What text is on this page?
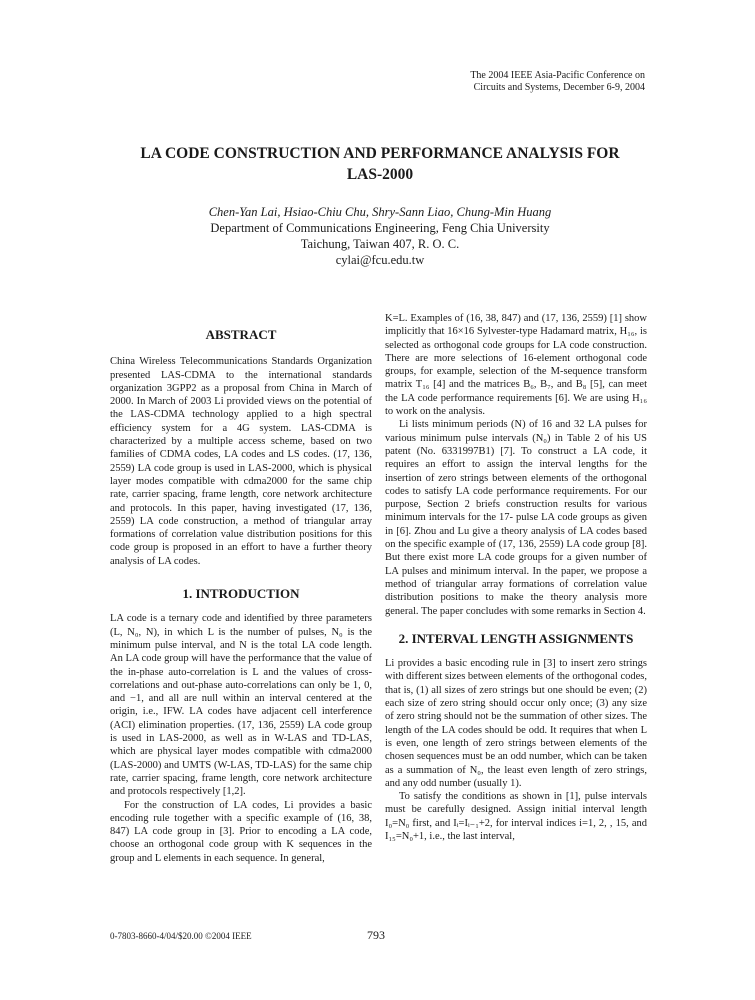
The 2004 IEEE Asia-Pacific Conference on
Circuits and Systems, December 6-9, 2004
LA CODE CONSTRUCTION AND PERFORMANCE ANALYSIS FOR
LAS-2000
Chen-Yan Lai, Hsiao-Chiu Chu, Shry-Sann Liao, Chung-Min Huang
Department of Communications Engineering, Feng Chia University
Taichung, Taiwan 407, R. O. C.
cylai@fcu.edu.tw
ABSTRACT

China Wireless Telecommunications Standards Organization presented LAS-CDMA to the international standards organization 3GPP2 as a proposal from China in March of 2000. In March of 2003 Li provided views on the potential of the LAS-CDMA technology applied to a high spectral efficiency system for a 4G system. LAS-CDMA is characterized by a multiple access scheme, based on two families of CDMA codes, LA codes and LS codes. (17, 136, 2559) LA code group is used in LAS-2000, which is physical layer modes compatible with cdma2000 for the same chip rate, carrier spacing, frame length, core network architecture and protocols. In this paper, having investigated (17, 136, 2559) LA code construction, a method of triangular array formations of correlation value distribution positions for this code group is proposed in an effort to have a further theory analysis of LA codes.

1. INTRODUCTION

LA code is a ternary code and identified by three parameters (L, N₀, N), in which L is the number of pulses, N₀ is the minimum pulse interval, and N is the total LA code length. An LA code group will have the performance that the value of the in-phase auto-correlation is L and the values of cross-correlations and out-phase auto-correlations can only be 1, 0, and −1, and all are null within an interval centered at the origin, i.e., IFW. LA codes have adjacent cell interference (ACI) elimination properties. (17, 136, 2559) LA code group is used in LAS-2000, as well as in W-LAS and TD-LAS, which are physical layer modes compatible with cdma2000 (LAS-2000) and UMTS (W-LAS, TD-LAS) for the same chip rate, carrier spacing, frame length, core network architecture and protocols respectively [1,2].

For the construction of LA codes, Li provides a basic encoding rule together with a specific example of (16, 38, 847) LA code group in [3]. Prior to encoding a LA code, choose an orthogonal code group with K sequences in the group and L elements in each sequence. In general,

K=L. Examples of (16, 38, 847) and (17, 136, 2559) [1] show implicitly that 16×16 Sylvester-type Hadamard matrix, H₁₆, is selected as orthogonal code groups for LA code construction. There are more selections of 16-element orthogonal code groups, for example, selection of the M-sequence transform matrix T₁₆ [4] and the matrices B₆, B₇, and B₈ [5], can meet the LA code performance requirements [6]. We are using H₁₆ to work on the analysis.

Li lists minimum periods (N) of 16 and 32 LA pulses for various minimum pulse intervals (N₀) in Table 2 of his US patent (No. 6331997B1) [7]. To construct a LA code, it requires an effort to assign the interval lengths for the insertion of zero strings between elements of the orthogonal codes to satisfy LA code performance requirements. For our purpose, Section 2 briefs construction results for various minimum intervals for the 17- pulse LA code groups as given in [6]. Zhou and Lu give a theory analysis of LA codes based on the specific example of (17, 136, 2559) LA code group [8]. But there exist more LA code groups for a given number of LA pulses and minimum interval. In the paper, we propose a method of triangular array formations of correlation value distribution positions to make the theory analysis more general. The paper concludes with some remarks in Section 4.

2. INTERVAL LENGTH ASSIGNMENTS

Li provides a basic encoding rule in [3] to insert zero strings with different sizes between elements of the orthogonal codes, that is, (1) all sizes of zero strings but one should be even; (2) each size of zero string should occur only once; (3) any size of zero string should not be the summation of other sizes. The length of the LA codes should be odd. It requires that when L is even, one length of zero strings between elements of the chosen sequences must be an odd number, which can be taken as a summation of N₀, the least even length of zero strings, and any odd number (usually 1).

To satisfy the conditions as shown in [1], pulse intervals must be carefully designed. Assign initial interval length I₀=N₀ first, and Iᵢ=Iᵢ₋₁+2, for interval indices i=1, 2, , 15, and I₁₅=N₀+1, i.e., the last interval,

0-7803-8660-4/04/$20.00 ©2004 IEEE	793
